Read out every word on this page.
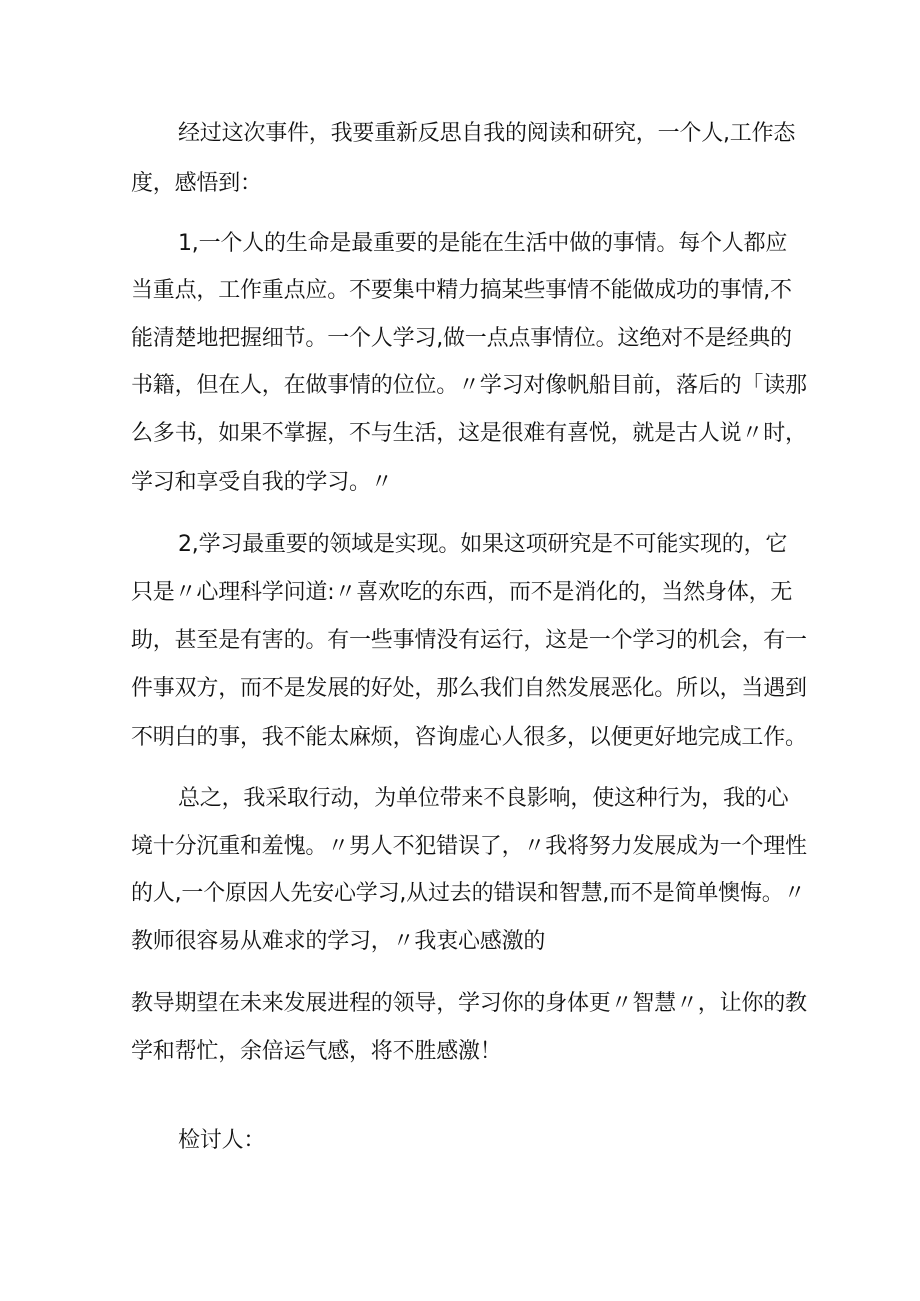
经过这次事件，我要重新反思自我的阅读和研究，一个人,工作态

度，感悟到：

1,一个人的生命是最重要的是能在生活中做的事情。每个人都应

当重点，工作重点应。不要集中精力搞某些事情不能做成功的事情,不

能清楚地把握细节。一个人学习,做一点点事情位。这绝对不是经典的

书籍，但在人，在做事情的位位。〃学习对像帆船目前，落后的「读那

么多书，如果不掌握，不与生活，这是很难有喜悦，就是古人说〃时，

学习和享受自我的学习。〃

2,学习最重要的领域是实现。如果这项研究是不可能实现的，它

只是〃心理科学问道:〃喜欢吃的东西，而不是消化的，当然身体，无

助，甚至是有害的。有一些事情没有运行，这是一个学习的机会，有一

件事双方，而不是发展的好处，那么我们自然发展恶化。所以，当遇到

不明白的事，我不能太麻烦，咨询虚心人很多，以便更好地完成工作。

总之，我采取行动，为单位带来不良影响，使这种行为，我的心

境十分沉重和羞愧。〃男人不犯错误了，〃我将努力发展成为一个理性

的人,一个原因人先安心学习,从过去的错误和智慧,而不是简单懊悔。〃

教师很容易从难求的学习，〃我衷心感激的

教导期望在未来发展进程的领导，学习你的身体更〃智慧〃，让你的教

学和帮忙，余倍运气感，将不胜感激！

检讨人：
